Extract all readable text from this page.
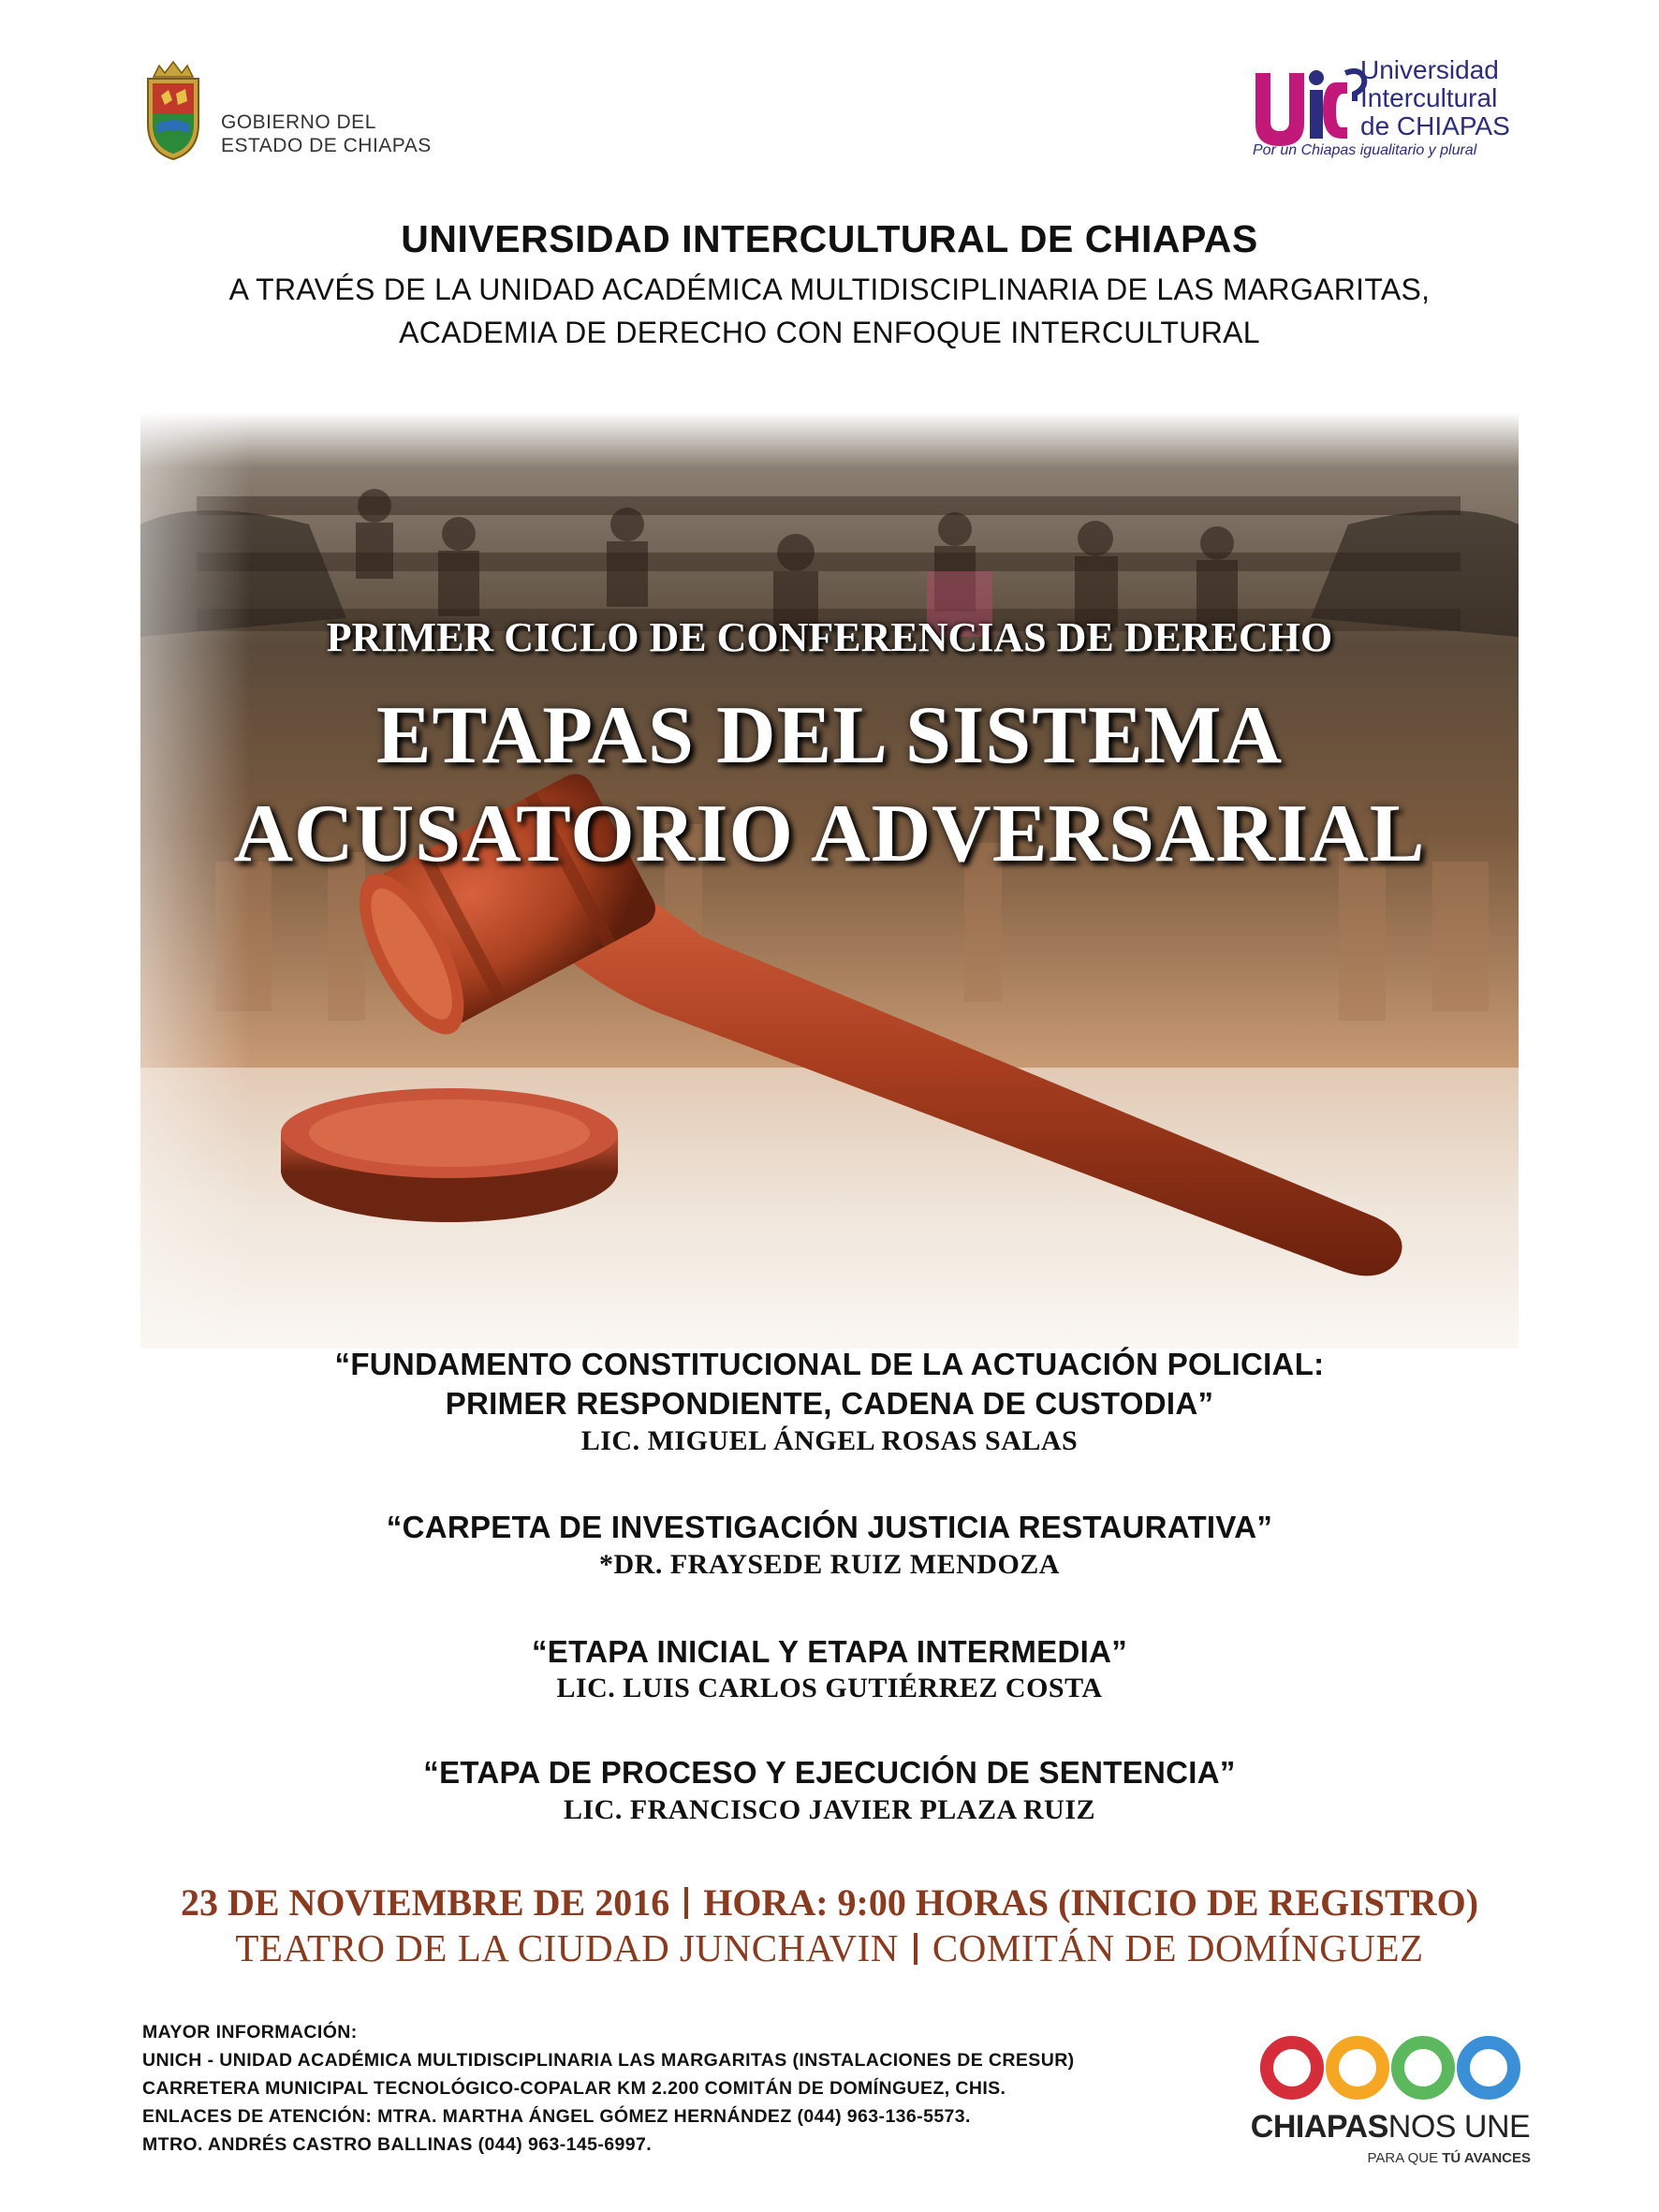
GOBIERNO DEL
ESTADO DE CHIAPAS
Universidad
Intercultural
de CHIAPAS
Por un Chiapas igualitario y plural
UNIVERSIDAD INTERCULTURAL DE CHIAPAS
A TRAVÉS DE LA UNIDAD ACADÉMICA MULTIDISCIPLINARIA DE LAS MARGARITAS,
ACADEMIA DE DERECHO CON ENFOQUE INTERCULTURAL
PRIMER CICLO DE CONFERENCIAS DE DERECHO
ETAPAS DEL SISTEMA
ACUSATORIO ADVERSARIAL
“FUNDAMENTO CONSTITUCIONAL DE LA ACTUACIÓN POLICIAL:
PRIMER RESPONDIENTE, CADENA DE CUSTODIA”
LIC. MIGUEL ÁNGEL ROSAS SALAS
“CARPETA DE INVESTIGACIÓN JUSTICIA RESTAURATIVA”
*DR. FRAYSEDE RUIZ MENDOZA
“ETAPA INICIAL Y ETAPA INTERMEDIA”
LIC. LUIS CARLOS GUTIÉRREZ COSTA
“ETAPA DE PROCESO Y EJECUCIÓN DE SENTENCIA”
LIC. FRANCISCO JAVIER PLAZA RUIZ
23 DE NOVIEMBRE DE 2016 HORA: 9:00 HORAS (INICIO DE REGISTRO)
TEATRO DE LA CIUDAD JUNCHAVIN COMITÁN DE DOMÍNGUEZ
MAYOR INFORMACIÓN:
UNICH - UNIDAD ACADÉMICA MULTIDISCIPLINARIA LAS MARGARITAS (INSTALACIONES DE CRESUR)
CARRETERA MUNICIPAL TECNOLÓGICO-COPALAR KM 2.200 COMITÁN DE DOMÍNGUEZ, CHIS.
ENLACES DE ATENCIÓN: MTRA. MARTHA ÁNGEL GÓMEZ HERNÁNDEZ (044) 963-136-5573.
MTRO. ANDRÉS CASTRO BALLINAS (044) 963-145-6997.	CHIAPASNOS UNE
PARA QUE TÚ AVANCES
